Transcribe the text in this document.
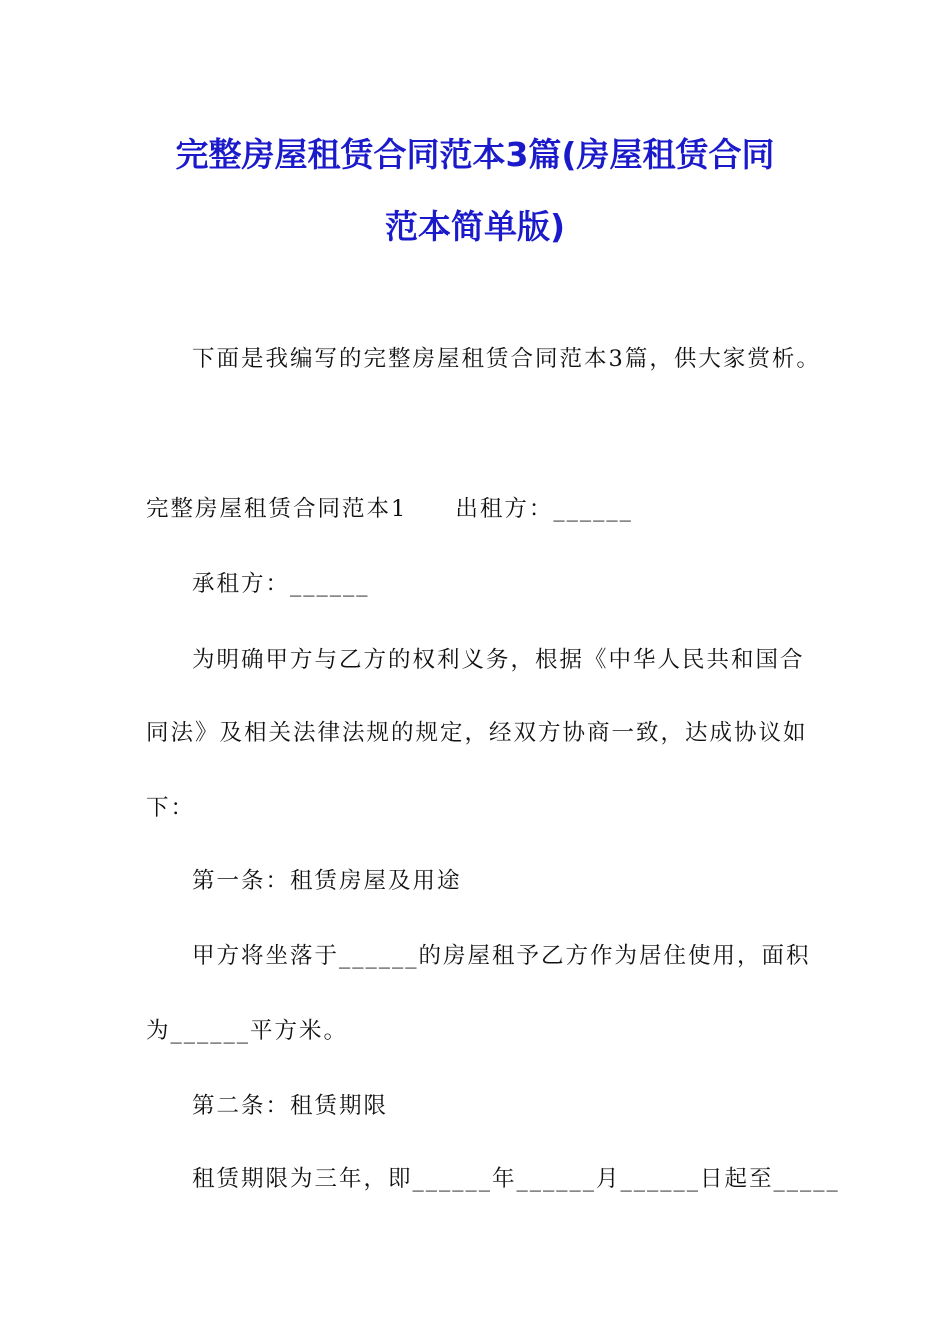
完整房屋租赁合同范本3篇(房屋租赁合同
范本简单版)
下面是我编写的完整房屋租赁合同范本3篇，供大家赏析。
完整房屋租赁合同范本1 出租方：______
承租方：______
为明确甲方与乙方的权利义务，根据《中华人民共和国合
同法》及相关法律法规的规定，经双方协商一致，达成协议如
下：
第一条：租赁房屋及用途
甲方将坐落于______的房屋租予乙方作为居住使用，面积
为______平方米。
第二条：租赁期限
租赁期限为三年，即______年______月______日起至_____
